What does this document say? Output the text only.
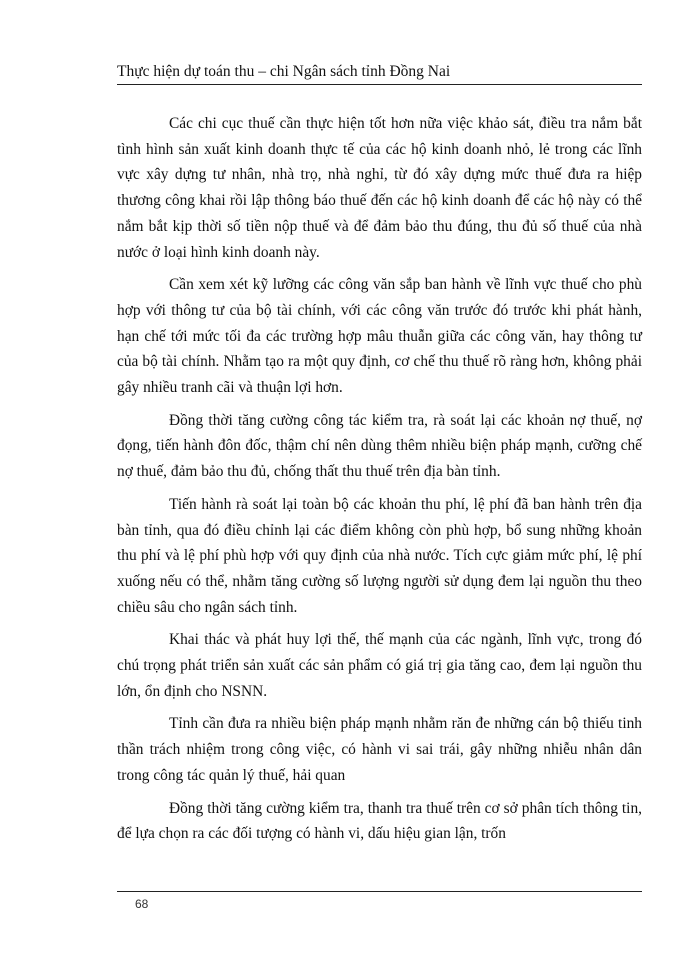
Thực hiện dự toán thu – chi Ngân sách tỉnh Đồng Nai

Các chi cục thuế cần thực hiện tốt hơn nữa việc khảo sát, điều tra nắm bắt tình hình sản xuất kinh doanh thực tế của các hộ kinh doanh nhỏ, lẻ trong các lĩnh vực xây dựng tư nhân, nhà trọ, nhà nghỉ, từ đó xây dựng mức thuế đưa ra hiệp thương công khai rồi lập thông báo thuế đến các hộ kinh doanh để các hộ này có thể nắm bắt kịp thời số tiền nộp thuế và để đảm bảo thu đúng, thu đủ số thuế của nhà nước ở loại hình kinh doanh này.

Cần xem xét kỹ lưỡng các công văn sắp ban hành về lĩnh vực thuế cho phù hợp với thông tư của bộ tài chính, với các công văn trước đó trước khi phát hành, hạn chế tới mức tối đa các trường hợp mâu thuẫn giữa các công văn, hay thông tư của bộ tài chính. Nhằm tạo ra một quy định, cơ chế thu thuế rõ ràng hơn, không phải gây nhiều tranh cãi và thuận lợi hơn.

Đồng thời tăng cường công tác kiểm tra, rà soát lại các khoản nợ thuế, nợ đọng, tiến hành đôn đốc, thậm chí nên dùng thêm nhiều biện pháp mạnh, cưỡng chế nợ thuế, đảm bảo thu đủ, chống thất thu thuế trên địa bàn tỉnh.

Tiến hành rà soát lại toàn bộ các khoản thu phí, lệ phí đã ban hành trên địa bàn tỉnh, qua đó điều chỉnh lại các điểm không còn phù hợp, bổ sung những khoản thu phí và lệ phí phù hợp với quy định của nhà nước. Tích cực giảm mức phí, lệ phí xuống nếu có thể, nhằm tăng cường số lượng người sử dụng đem lại nguồn thu theo chiều sâu cho ngân sách tỉnh.

Khai thác và phát huy lợi thế, thế mạnh của các ngành, lĩnh vực, trong đó chú trọng phát triển sản xuất các sản phẩm có giá trị gia tăng cao, đem lại nguồn thu lớn, ổn định cho NSNN.

Tỉnh cần đưa ra nhiều biện pháp mạnh nhằm răn đe những cán bộ thiếu tinh thần trách nhiệm trong công việc, có hành vi sai trái, gây những nhiễu nhân dân trong công tác quản lý thuế, hải quan

Đồng thời tăng cường kiểm tra, thanh tra thuế trên cơ sở phân tích thông tin, để lựa chọn ra các đối tượng có hành vi, dấu hiệu gian lận, trốn

68
